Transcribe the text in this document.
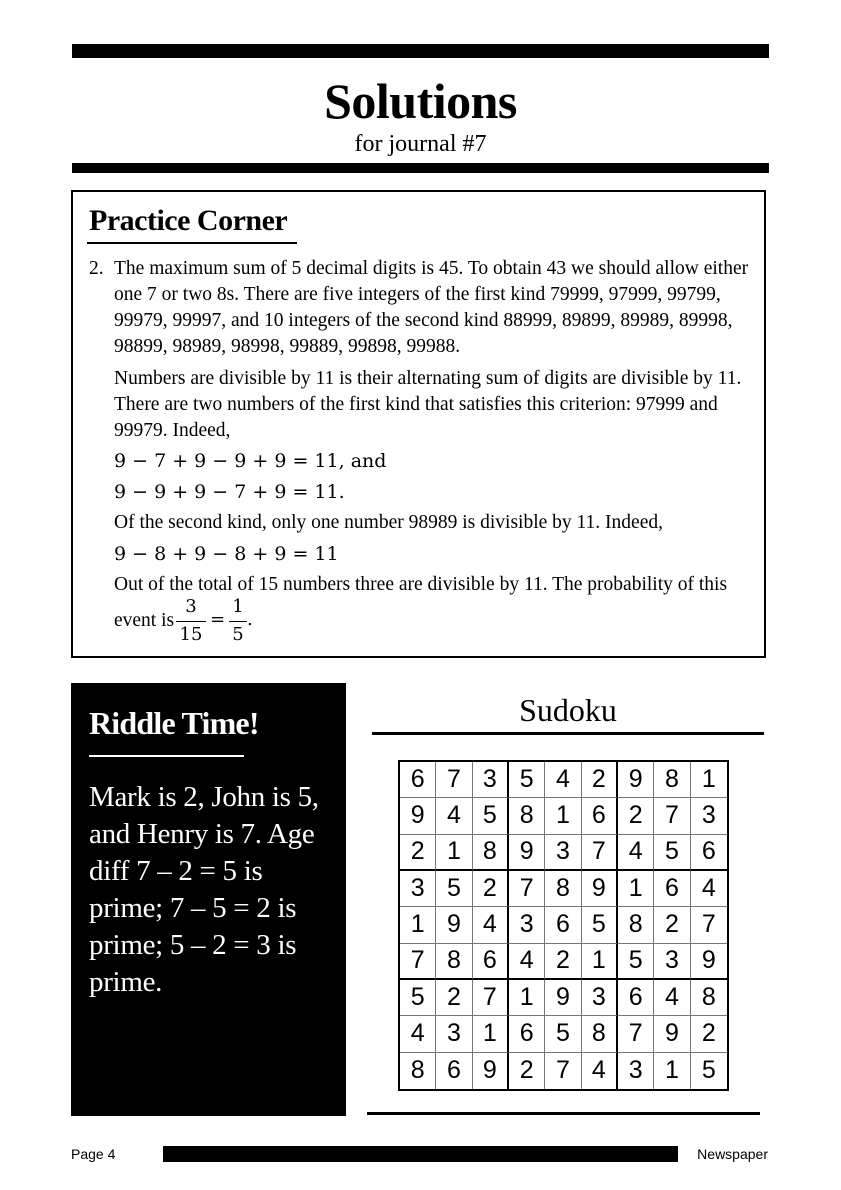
Solutions
for journal #7
Practice Corner
2. The maximum sum of 5 decimal digits is 45. To obtain 43 we should allow either
one 7 or two 8s. There are five integers of the first kind 79999, 97999, 99799,
99979, 99997, and 10 integers of the second kind 88999, 89899, 89989, 89998,
98899, 98989, 98998, 99889, 99898, 99988.
Numbers are divisible by 11 is their alternating sum of digits are divisible by 11.
There are two numbers of the first kind that satisfies this criterion: 97999 and
99979. Indeed,
9 − 7 + 9 − 9 + 9 = 11, and
9 − 9 + 9 − 7 + 9 = 11.
Of the second kind, only one number 98989 is divisible by 11. Indeed,
9 − 8 + 9 − 8 + 9 = 11
Out of the total of 15 numbers three are divisible by 11. The probability of this
event is
3
15
=
1
5
.
Riddle Time!
Mark is 2, John is 5, and Henry is 7. Age diff 7 – 2 = 5 is prime; 7 – 5 = 2 is prime; 5 – 2 = 3 is prime.
Sudoku
6 7 3 5 4 2 9 8 1
9 4 5 8 1 6 2 7 3
2 1 8 9 3 7 4 5 6
3 5 2 7 8 9 1 6 4
1 9 4 3 6 5 8 2 7
7 8 6 4 2 1 5 3 9
5 2 7 1 9 3 6 4 8
4 3 1 6 5 8 7 9 2
8 6 9 2 7 4 3 1 5
Page 4	Newspaper
